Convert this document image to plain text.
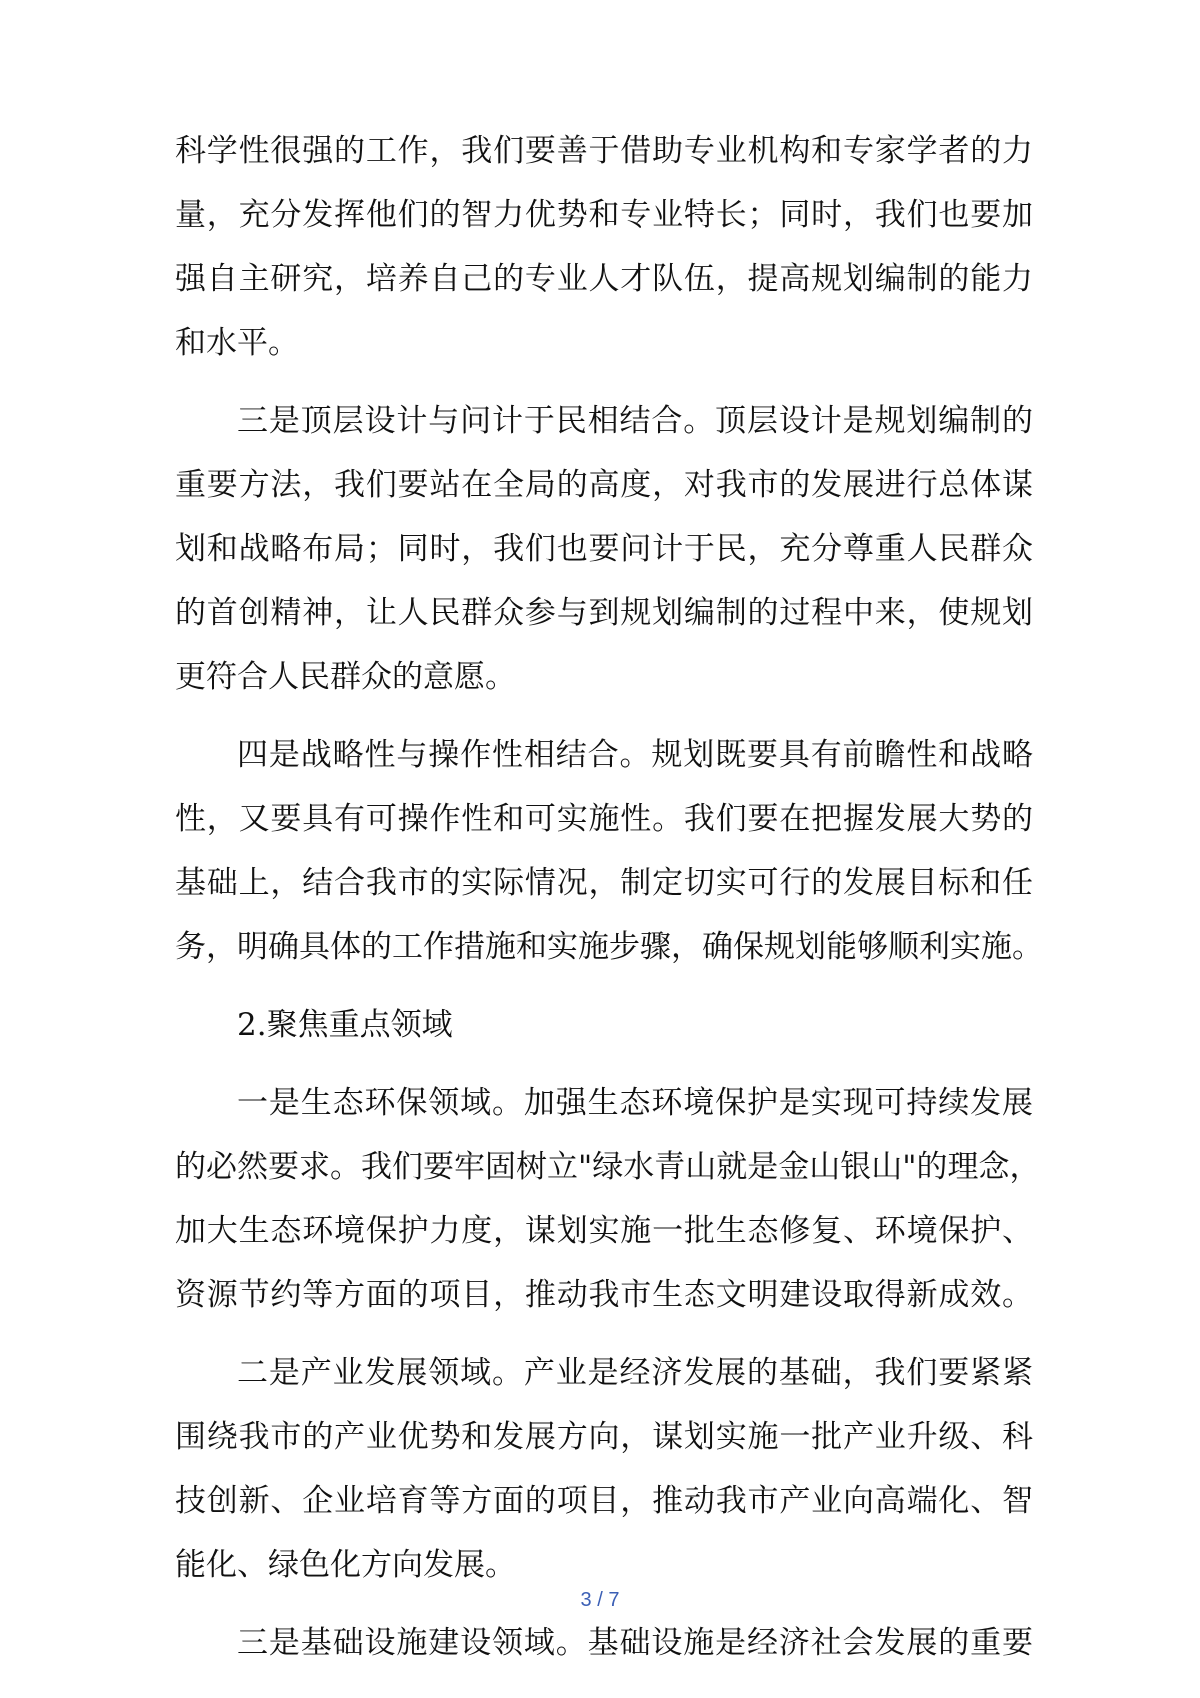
科学性很强的工作，我们要善于借助专业机构和专家学者的力
量，充分发挥他们的智力优势和专业特长；同时，我们也要加
强自主研究，培养自己的专业人才队伍，提高规划编制的能力
和水平。
三是顶层设计与问计于民相结合。顶层设计是规划编制的
重要方法，我们要站在全局的高度，对我市的发展进行总体谋
划和战略布局；同时，我们也要问计于民，充分尊重人民群众
的首创精神，让人民群众参与到规划编制的过程中来，使规划
更符合人民群众的意愿。
四是战略性与操作性相结合。规划既要具有前瞻性和战略
性，又要具有可操作性和可实施性。我们要在把握发展大势的
基础上，结合我市的实际情况，制定切实可行的发展目标和任
务，明确具体的工作措施和实施步骤，确保规划能够顺利实施。
2.聚焦重点领域
一是生态环保领域。加强生态环境保护是实现可持续发展
的必然要求。我们要牢固树立"绿水青山就是金山银山"的理念，
加大生态环境保护力度，谋划实施一批生态修复、环境保护、
资源节约等方面的项目，推动我市生态文明建设取得新成效。
二是产业发展领域。产业是经济发展的基础，我们要紧紧
围绕我市的产业优势和发展方向，谋划实施一批产业升级、科
技创新、企业培育等方面的项目，推动我市产业向高端化、智
能化、绿色化方向发展。
三是基础设施建设领域。基础设施是经济社会发展的重要
3 / 7
